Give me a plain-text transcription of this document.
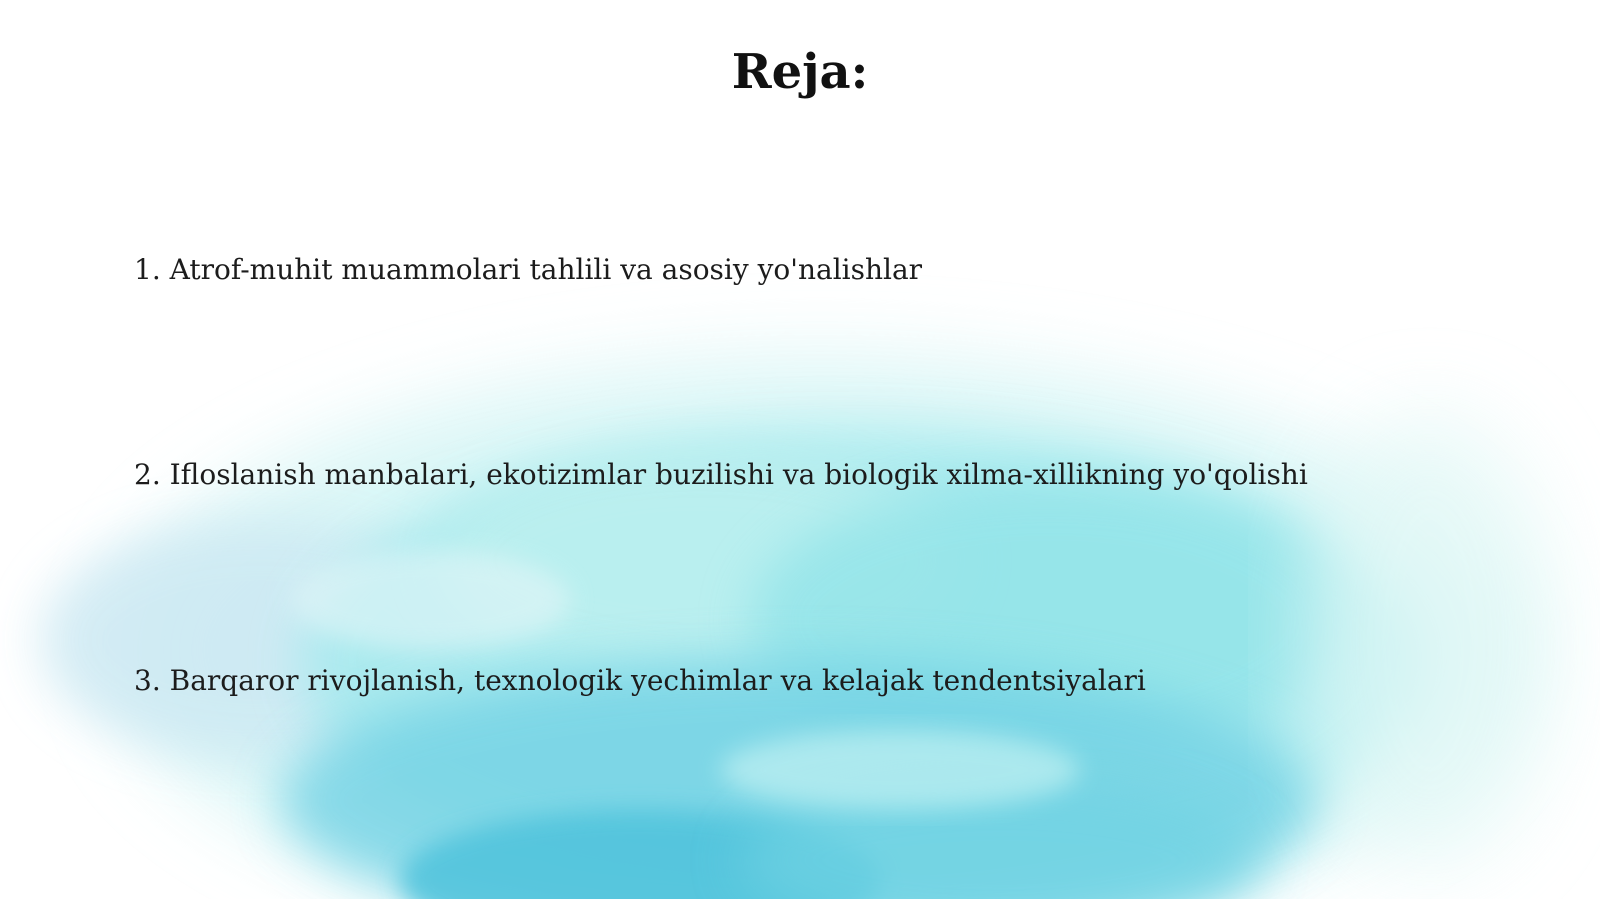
Reja:
1. Atrof-muhit muammolari tahlili va asosiy yo'nalishlar
2. Ifloslanish manbalari, ekotizimlar buzilishi va biologik xilma-xillikning yo'qolishi
3. Barqaror rivojlanish, texnologik yechimlar va kelajak tendentsiyalari
